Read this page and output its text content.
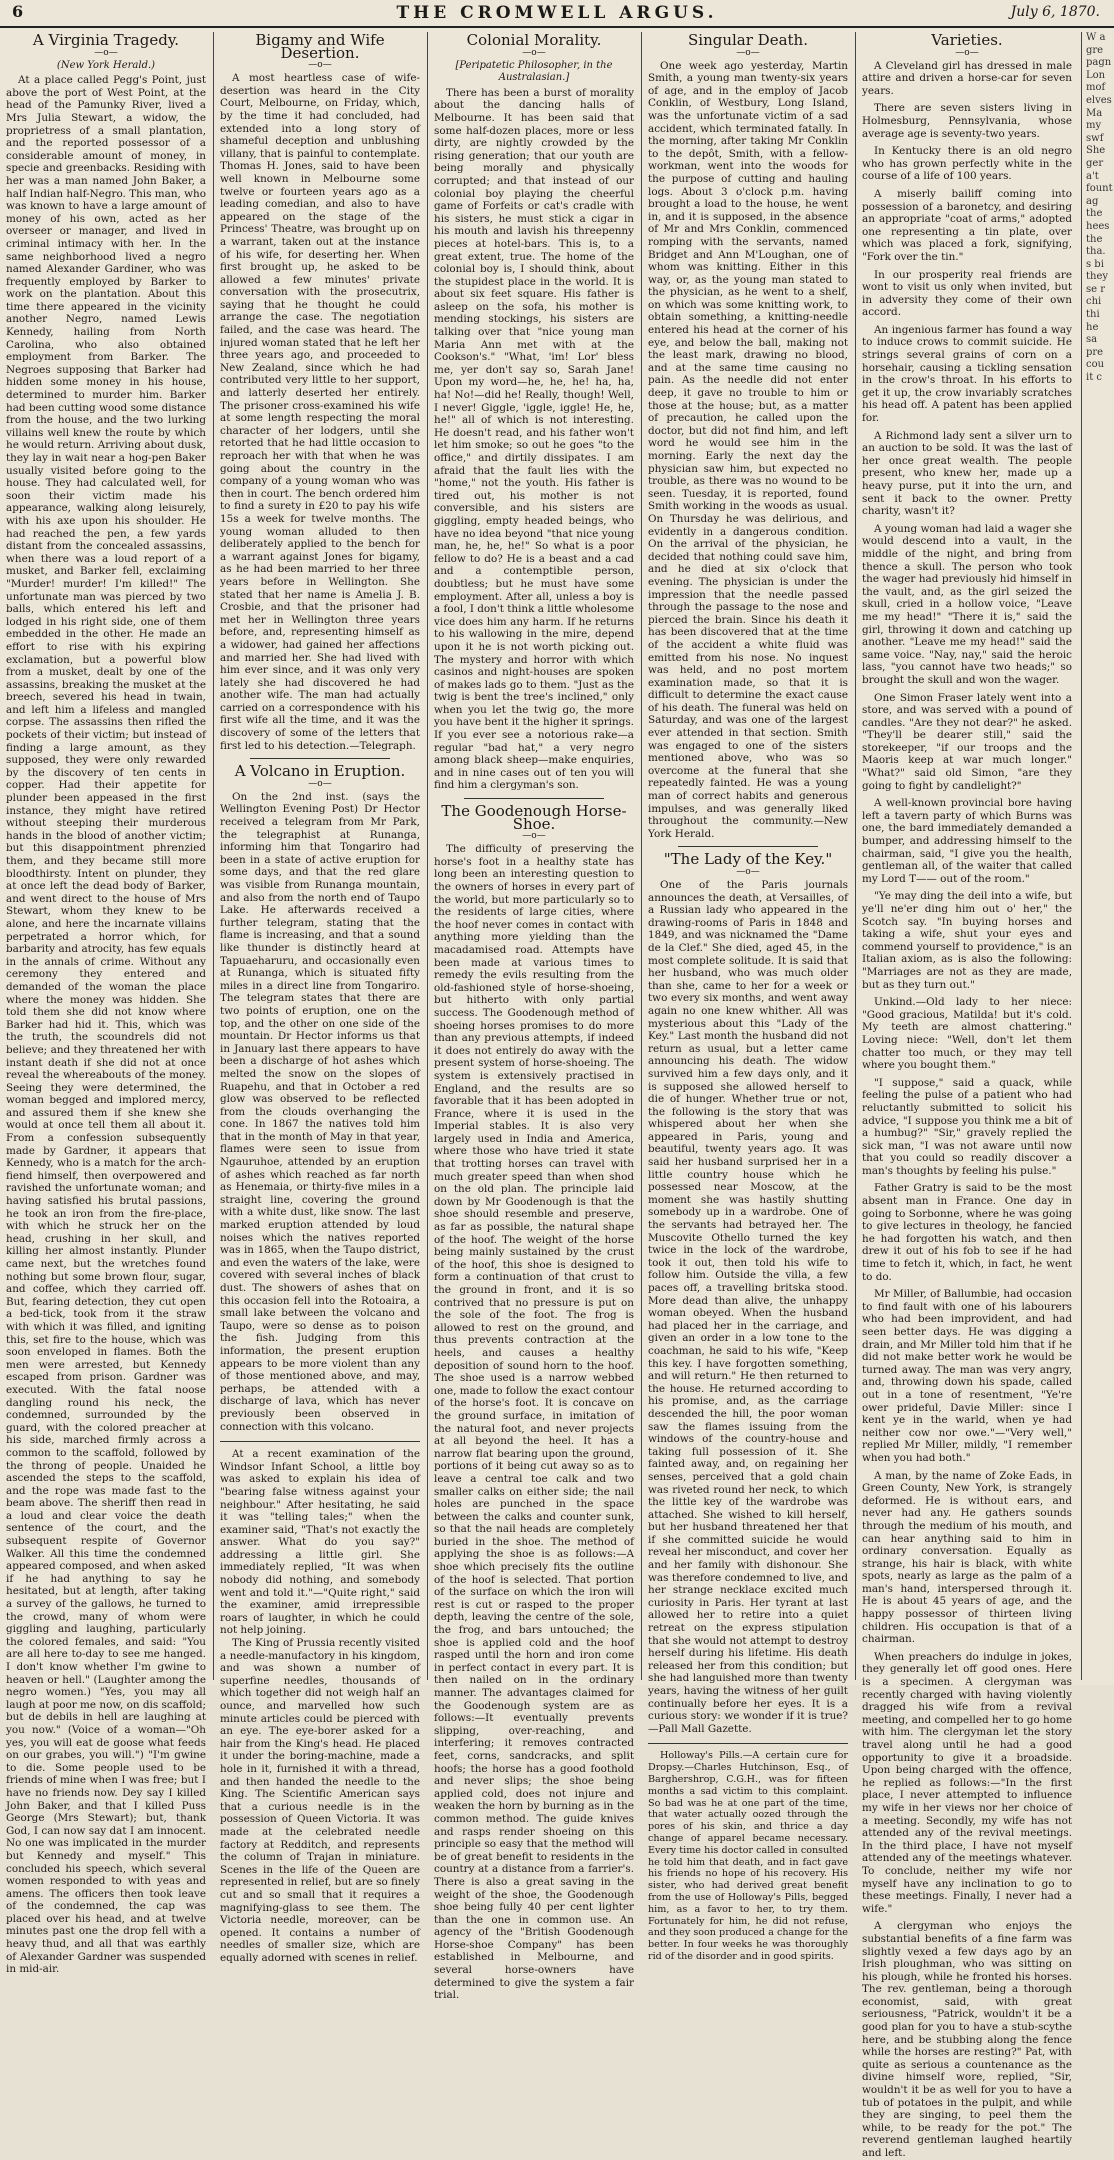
6	THE CROMWELL ARGUS.	July 6, 1870.
A Virginia Tragedy.
—o—
(New York Herald.)

At a place called Pegg's Point, just above the port of West Point, at the head of the Pamunky River, lived a Mrs Julia Stewart, a widow, the proprietress of a small plantation, and the reported possessor of a considerable amount of money, in specie and greenbacks. Residing with her was a man named John Baker, a half Indian half-Negro. This man, who was known to have a large amount of money of his own, acted as her overseer or manager, and lived in criminal intimacy with her. In the same neighborhood lived a negro named Alexander Gardiner, who was frequently employed by Barker to work on the plantation. About this time there appeared in the vicinity another Negro, named Lewis Kennedy, hailing from North Carolina, who also obtained employment from Barker. The Negroes supposing that Barker had hidden some money in his house, determined to murder him. Barker had been cutting wood some distance from the house, and the two lurking villains well knew the route by which he would return. Arriving about dusk, they lay in wait near a hog-pen Baker usually visited before going to the house. They had calculated well, for soon their victim made his appearance, walking along leisurely, with his axe upon his shoulder. He had reached the pen, a few yards distant from the concealed assassins, when there was a loud report of a musket, and Barker fell, exclaiming "Murder! murder! I'm killed!" The unfortunate man was pierced by two balls, which entered his left and lodged in his right side, one of them embedded in the other. He made an effort to rise with his expiring exclamation, but a powerful blow from a musket, dealt by one of the assassins, breaking the musket at the breech, severed his head in twain, and left him a lifeless and mangled corpse. The assassins then rifled the pockets of their victim; but instead of finding a large amount, as they supposed, they were only rewarded by the discovery of ten cents in copper. Had their appetite for plunder been appeased in the first instance, they might have retired without steeping their murderous hands in the blood of another victim; but this disappointment phrenzied them, and they became still more bloodthirsty. Intent on plunder, they at once left the dead body of Barker, and went direct to the house of Mrs Stewart, whom they knew to be alone, and here the incarnate villains perpetrated a horror which, for barbarity and atrocity, has few equals in the annals of crime. Without any ceremony they entered and demanded of the woman the place where the money was hidden. She told them she did not know where Barker had hid it. This, which was the truth, the scoundrels did not believe; and they threatened her with instant death if she did not at once reveal the whereabouts of the money. Seeing they were determined, the woman begged and implored mercy, and assured them if she knew she would at once tell them all about it. From a confession subsequently made by Gardner, it appears that Kennedy, who is a match for the arch-fiend himself, then overpowered and ravished the unfortunate woman; and having satisfied his brutal passions, he took an iron from the fire-place, with which he struck her on the head, crushing in her skull, and killing her almost instantly. Plunder came next, but the wretches found nothing but some brown flour, sugar, and coffee, which they carried off. But, fearing detection, they cut open a bed-tick, took from it the straw with which it was filled, and igniting this, set fire to the house, which was soon enveloped in flames. Both the men were arrested, but Kennedy escaped from prison. Gardner was executed. With the fatal noose dangling round his neck, the condemned, surrounded by the guard, with the colored preacher at his side, marched firmly across a common to the scaffold, followed by the throng of people. Unaided he ascended the steps to the scaffold, and the rope was made fast to the beam above. The sheriff then read in a loud and clear voice the death sentence of the court, and the subsequent respite of Governor Walker. All this time the condemned appeared composed, and when asked if he had anything to say he hesitated, but at length, after taking a survey of the gallows, he turned to the crowd, many of whom were giggling and laughing, particularly the colored females, and said: "You are all here to-day to see me hanged. I don't know whether I'm gwine to heaven or hell." (Laughter among the negro women.) "Yes, you may all laugh at poor me now, on dis scaffold; but de debils in hell are laughing at you now." (Voice of a woman—"Oh yes, you will eat de goose what feeds on our grabes, you will.") "I'm gwine to die. Some people used to be friends of mine when I was free; but I have no friends now. Dey say I killed John Baker, and that I killed Puss George (Mrs Stewart); but, thank God, I can now say dat I am innocent. No one was implicated in the murder but Kennedy and myself." This concluded his speech, which several women responded to with yeas and amens. The officers then took leave of the condemned, the cap was placed over his head, and at twelve minutes past one the drop fell with a heavy thud, and all that was earthly of Alexander Gardner was suspended in mid-air.

Bigamy and Wife Desertion.
—o—

A most heartless case of wife-desertion was heard in the City Court, Melbourne, on Friday, which, by the time it had concluded, had extended into a long story of shameful deception and unblushing villany, that is painful to contemplate. Thomas H. Jones, said to have been well known in Melbourne some twelve or fourteen years ago as a leading comedian, and also to have appeared on the stage of the Princess' Theatre, was brought up on a warrant, taken out at the instance of his wife, for deserting her. When first brought up, he asked to be allowed a few minutes' private conversation with the prosecutrix, saying that he thought he could arrange the case. The negotiation failed, and the case was heard. The injured woman stated that he left her three years ago, and proceeded to New Zealand, since which he had contributed very little to her support, and latterly deserted her entirely. The prisoner cross-examined his wife at some length respecting the moral character of her lodgers, until she retorted that he had little occasion to reproach her with that when he was going about the country in the company of a young woman who was then in court. The bench ordered him to find a surety in £20 to pay his wife 15s a week for twelve months. The young woman alluded to then deliberately applied to the bench for a warrant against Jones for bigamy, as he had been married to her three years before in Wellington. She stated that her name is Amelia J. B. Crosbie, and that the prisoner had met her in Wellington three years before, and, representing himself as a widower, had gained her affections and married her. She had lived with him ever since, and it was only very lately she had discovered he had another wife. The man had actually carried on a correspondence with his first wife all the time, and it was the discovery of some of the letters that first led to his detection.—Telegraph.

A Volcano in Eruption.
—o—

On the 2nd inst. (says the Wellington Evening Post) Dr Hector received a telegram from Mr Park, the telegraphist at Runanga, informing him that Tongariro had been in a state of active eruption for some days, and that the red glare was visible from Runanga mountain, and also from the north end of Taupo Lake. He afterwards received a further telegram, stating that the flame is increasing, and that a sound like thunder is distinctly heard at Tapuaeharuru, and occasionally even at Runanga, which is situated fifty miles in a direct line from Tongariro. The telegram states that there are two points of eruption, one on the top, and the other on one side of the mountain. Dr Hector informs us that in January last there appears to have been a discharge of hot ashes which melted the snow on the slopes of Ruapehu, and that in October a red glow was observed to be reflected from the clouds overhanging the cone. In 1867 the natives told him that in the month of May in that year, flames were seen to issue from Ngauruhoe, attended by an eruption of ashes which reached as far north as Henemaia, or thirty-five miles in a straight line, covering the ground with a white dust, like snow. The last marked eruption attended by loud noises which the natives reported was in 1865, when the Taupo district, and even the waters of the lake, were covered with several inches of black dust. The showers of ashes that on this occasion fell into the Rotoaira, a small lake between the volcano and Taupo, were so dense as to poison the fish. Judging from this information, the present eruption appears to be more violent than any of those mentioned above, and may, perhaps, be attended with a discharge of lava, which has never previously been observed in connection with this volcano.

At a recent examination of the Windsor Infant School, a little boy was asked to explain his idea of "bearing false witness against your neighbour." After hesitating, he said it was "telling tales;" when the examiner said, "That's not exactly the answer. What do you say?" addressing a little girl. She immediately replied, "It was when nobody did nothing, and somebody went and told it."—"Quite right," said the examiner, amid irrepressible roars of laughter, in which he could not help joining.

The King of Prussia recently visited a needle-manufactory in his kingdom, and was shown a number of superfine needles, thousands of which together did not weigh half an ounce, and marvelled how such minute articles could be pierced with an eye. The eye-borer asked for a hair from the King's head. He placed it under the boring-machine, made a hole in it, furnished it with a thread, and then handed the needle to the King. The Scientific American says that a curious needle is in the possession of Queen Victoria. It was made at the celebrated needle factory at Redditch, and represents the column of Trajan in miniature. Scenes in the life of the Queen are represented in relief, but are so finely cut and so small that it requires a magnifying-glass to see them. The Victoria needle, moreover, can be opened. It contains a number of needles of smaller size, which are equally adorned with scenes in relief.

Colonial Morality.
—o—
[Peripatetic Philosopher, in the Australasian.]

There has been a burst of morality about the dancing halls of Melbourne. It has been said that some half-dozen places, more or less dirty, are nightly crowded by the rising generation; that our youth are being morally and physically corrupted; and that instead of our colonial boy playing the cheerful game of Forfeits or cat's cradle with his sisters, he must stick a cigar in his mouth and lavish his threepenny pieces at hotel-bars. This is, to a great extent, true. The home of the colonial boy is, I should think, about the stupidest place in the world. It is about six feet square. His father is asleep on the sofa, his mother is mending stockings, his sisters are talking over that "nice young man Maria Ann met with at the Cookson's." "What, 'im! Lor' bless me, yer don't say so, Sarah Jane! Upon my word—he, he, he! ha, ha, ha! No!—did he! Really, though! Well, I never! Giggle, 'iggle, iggle! He, he, he!" all of which is not interesting. He doesn't read, and his father won't let him smoke; so out he goes "to the office," and dirtily dissipates. I am afraid that the fault lies with the "home," not the youth. His father is tired out, his mother is not conversible, and his sisters are giggling, empty headed beings, who have no idea beyond "that nice young man, he, he, he!" So what is a poor fellow to do? He is a beast and a cad and a contemptible person, doubtless; but he must have some employment. After all, unless a boy is a fool, I don't think a little wholesome vice does him any harm. If he returns to his wallowing in the mire, depend upon it he is not worth picking out. The mystery and horror with which casinos and night-houses are spoken of makes lads go to them. "Just as the twig is bent the tree's inclined," only when you let the twig go, the more you have bent it the higher it springs. If you ever see a notorious rake—a regular "bad hat," a very negro among black sheep—make enquiries, and in nine cases out of ten you will find him a clergyman's son.

The Goodenough Horse-Shoe.
—o—

The difficulty of preserving the horse's foot in a healthy state has long been an interesting question to the owners of horses in every part of the world, but more particularly so to the residents of large cities, where the hoof never comes in contact with anything more yielding than the macadamised road. Attempts have been made at various times to remedy the evils resulting from the old-fashioned style of horse-shoeing, but hitherto with only partial success. The Goodenough method of shoeing horses promises to do more than any previous attempts, if indeed it does not entirely do away with the present system of horse-shoeing. The system is extensively practised in England, and the results are so favorable that it has been adopted in France, where it is used in the Imperial stables. It is also very largely used in India and America, where those who have tried it state that trotting horses can travel with much greater speed than when shod on the old plan. The principle laid down by Mr Goodenough is that the shoe should resemble and preserve, as far as possible, the natural shape of the hoof. The weight of the horse being mainly sustained by the crust of the hoof, this shoe is designed to form a continuation of that crust to the ground in front, and it is so contrived that no pressure is put on the sole of the foot. The frog is allowed to rest on the ground, and thus prevents contraction at the heels, and causes a healthy deposition of sound horn to the hoof. The shoe used is a narrow webbed one, made to follow the exact contour of the horse's foot. It is concave on the ground surface, in imitation of the natural foot, and never projects at all beyond the heel. It has a narrow flat bearing upon the ground, portions of it being cut away so as to leave a central toe calk and two smaller calks on either side; the nail holes are punched in the space between the calks and counter sunk, so that the nail heads are completely buried in the shoe. The method of applying the shoe is as follows:—A shoe which precisely fits the outline of the hoof is selected. That portion of the surface on which the iron will rest is cut or rasped to the proper depth, leaving the centre of the sole, the frog, and bars untouched; the shoe is applied cold and the hoof rasped until the horn and iron come in perfect contact in every part. It is then nailed on in the ordinary manner. The advantages claimed for the Goodenough system are as follows:—It eventually prevents slipping, over-reaching, and interfering; it removes contracted feet, corns, sandcracks, and split hoofs; the horse has a good foothold and never slips; the shoe being applied cold, does not injure and weaken the horn by burning as in the common method. The guide knives and rasps render shoeing on this principle so easy that the method will be of great benefit to residents in the country at a distance from a farrier's. There is also a great saving in the weight of the shoe, the Goodenough shoe being fully 40 per cent lighter than the one in common use. An agency of the "British Goodenough Horse-shoe Company" has been established in Melbourne, and several horse-owners have determined to give the system a fair trial.

Singular Death.
—o—

One week ago yesterday, Martin Smith, a young man twenty-six years of age, and in the employ of Jacob Conklin, of Westbury, Long Island, was the unfortunate victim of a sad accident, which terminated fatally. In the morning, after taking Mr Conklin to the depôt, Smith, with a fellow-workman, went into the woods for the purpose of cutting and hauling logs. About 3 o'clock p.m. having brought a load to the house, he went in, and it is supposed, in the absence of Mr and Mrs Conklin, commenced romping with the servants, named Bridget and Ann M'Loughan, one of whom was knitting. Either in this way, or, as the young man stated to the physician, as he went to a shelf, on which was some knitting work, to obtain something, a knitting-needle entered his head at the corner of his eye, and below the ball, making not the least mark, drawing no blood, and at the same time causing no pain. As the needle did not enter deep, it gave no trouble to him or those at the house; but, as a matter of precaution, he called upon the doctor, but did not find him, and left word he would see him in the morning. Early the next day the physician saw him, but expected no trouble, as there was no wound to be seen. Tuesday, it is reported, found Smith working in the woods as usual. On Thursday he was delirious, and evidently in a dangerous condition. On the arrival of the physician, he decided that nothing could save him, and he died at six o'clock that evening. The physician is under the impression that the needle passed through the passage to the nose and pierced the brain. Since his death it has been discovered that at the time of the accident a white fluid was emitted from his nose. No inquest was held, and no post mortem examination made, so that it is difficult to determine the exact cause of his death. The funeral was held on Saturday, and was one of the largest ever attended in that section. Smith was engaged to one of the sisters mentioned above, who was so overcome at the funeral that she repeatedly fainted. He was a young man of correct habits and generous impulses, and was generally liked throughout the community.—New York Herald.

"The Lady of the Key."
—o—

One of the Paris journals announces the death, at Versailles, of a Russian lady who appeared in the drawing-rooms of Paris in 1848 and 1849, and was nicknamed the "Dame de la Clef." She died, aged 45, in the most complete solitude. It is said that her husband, who was much older than she, came to her for a week or two every six months, and went away again no one knew whither. All was mysterious about this "Lady of the Key." Last month the husband did not return as usual, but a letter came announcing his death. The widow survived him a few days only, and it is supposed she allowed herself to die of hunger. Whether true or not, the following is the story that was whispered about her when she appeared in Paris, young and beautiful, twenty years ago. It was said her husband surprised her in a little country house which he possessed near Moscow, at the moment she was hastily shutting somebody up in a wardrobe. One of the servants had betrayed her. The Muscovite Othello turned the key twice in the lock of the wardrobe, took it out, then told his wife to follow him. Outside the villa, a few paces off, a travelling britska stood. More dead than alive, the unhappy woman obeyed. When the husband had placed her in the carriage, and given an order in a low tone to the coachman, he said to his wife, "Keep this key. I have forgotten something, and will return." He then returned to the house. He returned according to his promise, and, as the carriage descended the hill, the poor woman saw the flames issuing from the windows of the country-house and taking full possession of it. She fainted away, and, on regaining her senses, perceived that a gold chain was riveted round her neck, to which the little key of the wardrobe was attached. She wished to kill herself, but her husband threatened her that if she committed suicide he would reveal her misconduct, and cover her and her family with dishonour. She was therefore condemned to live, and her strange necklace excited much curiosity in Paris. Her tyrant at last allowed her to retire into a quiet retreat on the express stipulation that she would not attempt to destroy herself during his lifetime. His death released her from this condition; but she had languished more than twenty years, having the witness of her guilt continually before her eyes. It is a curious story: we wonder if it is true?—Pall Mall Gazette.

Holloway's Pills.—A certain cure for Dropsy.—Charles Hutchinson, Esq., of Barghershrop, C.G.H., was for fifteen months a sad victim to this complaint. So bad was he at one part of the time, that water actually oozed through the pores of his skin, and thrice a day change of apparel became necessary. Every time his doctor called in consulted he told him that death, and in fact gave his friends no hope of his recovery. His sister, who had derived great benefit from the use of Holloway's Pills, begged him, as a favor to her, to try them. Fortunately for him, he did not refuse, and they soon produced a change for the better. In four weeks he was thoroughly rid of the disorder and in good spirits.

Varieties.
—o—

A Cleveland girl has dressed in male attire and driven a horse-car for seven years.

There are seven sisters living in Holmesburg, Pennsylvania, whose average age is seventy-two years.

In Kentucky there is an old negro who has grown perfectly white in the course of a life of 100 years.

A miserly bailiff coming into possession of a baronetcy, and desiring an appropriate "coat of arms," adopted one representing a tin plate, over which was placed a fork, signifying, "Fork over the tin."

In our prosperity real friends are wont to visit us only when invited, but in adversity they come of their own accord.

An ingenious farmer has found a way to induce crows to commit suicide. He strings several grains of corn on a horsehair, causing a tickling sensation in the crow's throat. In his efforts to get it up, the crow invariably scratches his head off. A patent has been applied for.

A Richmond lady sent a silver urn to an auction to be sold. It was the last of her once great wealth. The people present, who knew her, made up a heavy purse, put it into the urn, and sent it back to the owner. Pretty charity, wasn't it?

A young woman had laid a wager she would descend into a vault, in the middle of the night, and bring from thence a skull. The person who took the wager had previously hid himself in the vault, and, as the girl seized the skull, cried in a hollow voice, "Leave me my head!" "There it is," said the girl, throwing it down and catching up another. "Leave me my head!" said the same voice. "Nay, nay," said the heroic lass, "you cannot have two heads;" so brought the skull and won the wager.

One Simon Fraser lately went into a store, and was served with a pound of candles. "Are they not dear?" he asked. "They'll be dearer still," said the storekeeper, "if our troops and the Maoris keep at war much longer." "What?" said old Simon, "are they going to fight by candlelight?"

A well-known provincial bore having left a tavern party of which Burns was one, the bard immediately demanded a bumper, and addressing himself to the chairman, said, "I give you the health, gentleman all, of the waiter that called my Lord T—— out of the room."

"Ye may ding the deil into a wife, but ye'll ne'er ding him out o' her," the Scotch say. "In buying horses and taking a wife, shut your eyes and commend yourself to providence," is an Italian axiom, as is also the following: "Marriages are not as they are made, but as they turn out."

Unkind.—Old lady to her niece: "Good gracious, Matilda! but it's cold. My teeth are almost chattering." Loving niece: "Well, don't let them chatter too much, or they may tell where you bought them."

"I suppose," said a quack, while feeling the pulse of a patient who had reluctantly submitted to solicit his advice, "I suppose you think me a bit of a humbug?" "Sir," gravely replied the sick man, "I was not aware until now that you could so readily discover a man's thoughts by feeling his pulse."

Father Gratry is said to be the most absent man in France. One day in going to Sorbonne, where he was going to give lectures in theology, he fancied he had forgotten his watch, and then drew it out of his fob to see if he had time to fetch it, which, in fact, he went to do.

Mr Miller, of Ballumbie, had occasion to find fault with one of his labourers who had been improvident, and had seen better days. He was digging a drain, and Mr Miller told him that if he did not make better work he would be turned away. The man was very angry, and, throwing down his spade, called out in a tone of resentment, "Ye're ower prideful, Davie Miller: since I kent ye in the warld, when ye had neither cow nor owe."—"Very well," replied Mr Miller, mildly, "I remember when you had both."

A man, by the name of Zoke Eads, in Green County, New York, is strangely deformed. He is without ears, and never had any. He gathers sounds through the medium of his mouth, and can hear anything said to him in ordinary conversation. Equally as strange, his hair is black, with white spots, nearly as large as the palm of a man's hand, interspersed through it. He is about 45 years of age, and the happy possessor of thirteen living children. His occupation is that of a chairman.

When preachers do indulge in jokes, they generally let off good ones. Here is a specimen. A clergyman was recently charged with having violently dragged his wife from a revival meeting, and compelled her to go home with him. The clergyman let the story travel along until he had a good opportunity to give it a broadside. Upon being charged with the offence, he replied as follows:—"In the first place, I never attempted to influence my wife in her views nor her choice of a meeting. Secondly, my wife has not attended any of the revival meetings. In the third place, I have not myself attended any of the meetings whatever. To conclude, neither my wife nor myself have any inclination to go to these meetings. Finally, I never had a wife."

A clergyman who enjoys the substantial benefits of a fine farm was slightly vexed a few days ago by an Irish ploughman, who was sitting on his plough, while he fronted his horses. The rev. gentleman, being a thorough economist, said, with great seriousness, "Patrick, wouldn't it be a good plan for you to have a stub-scythe here, and be stubbing along the fence while the horses are resting?" Pat, with quite as serious a countenance as the divine himself wore, replied, "Sir, wouldn't it be as well for you to have a tub of potatoes in the pulpit, and while they are singing, to peel them the while, to be ready for the pot." The reverend gentleman laughed heartily and left.

W a gre pagn Lon mof elves Ma my swf She ger a't fount ag the hees the tha. s bi they se r chi thi he sa pre cou it c
